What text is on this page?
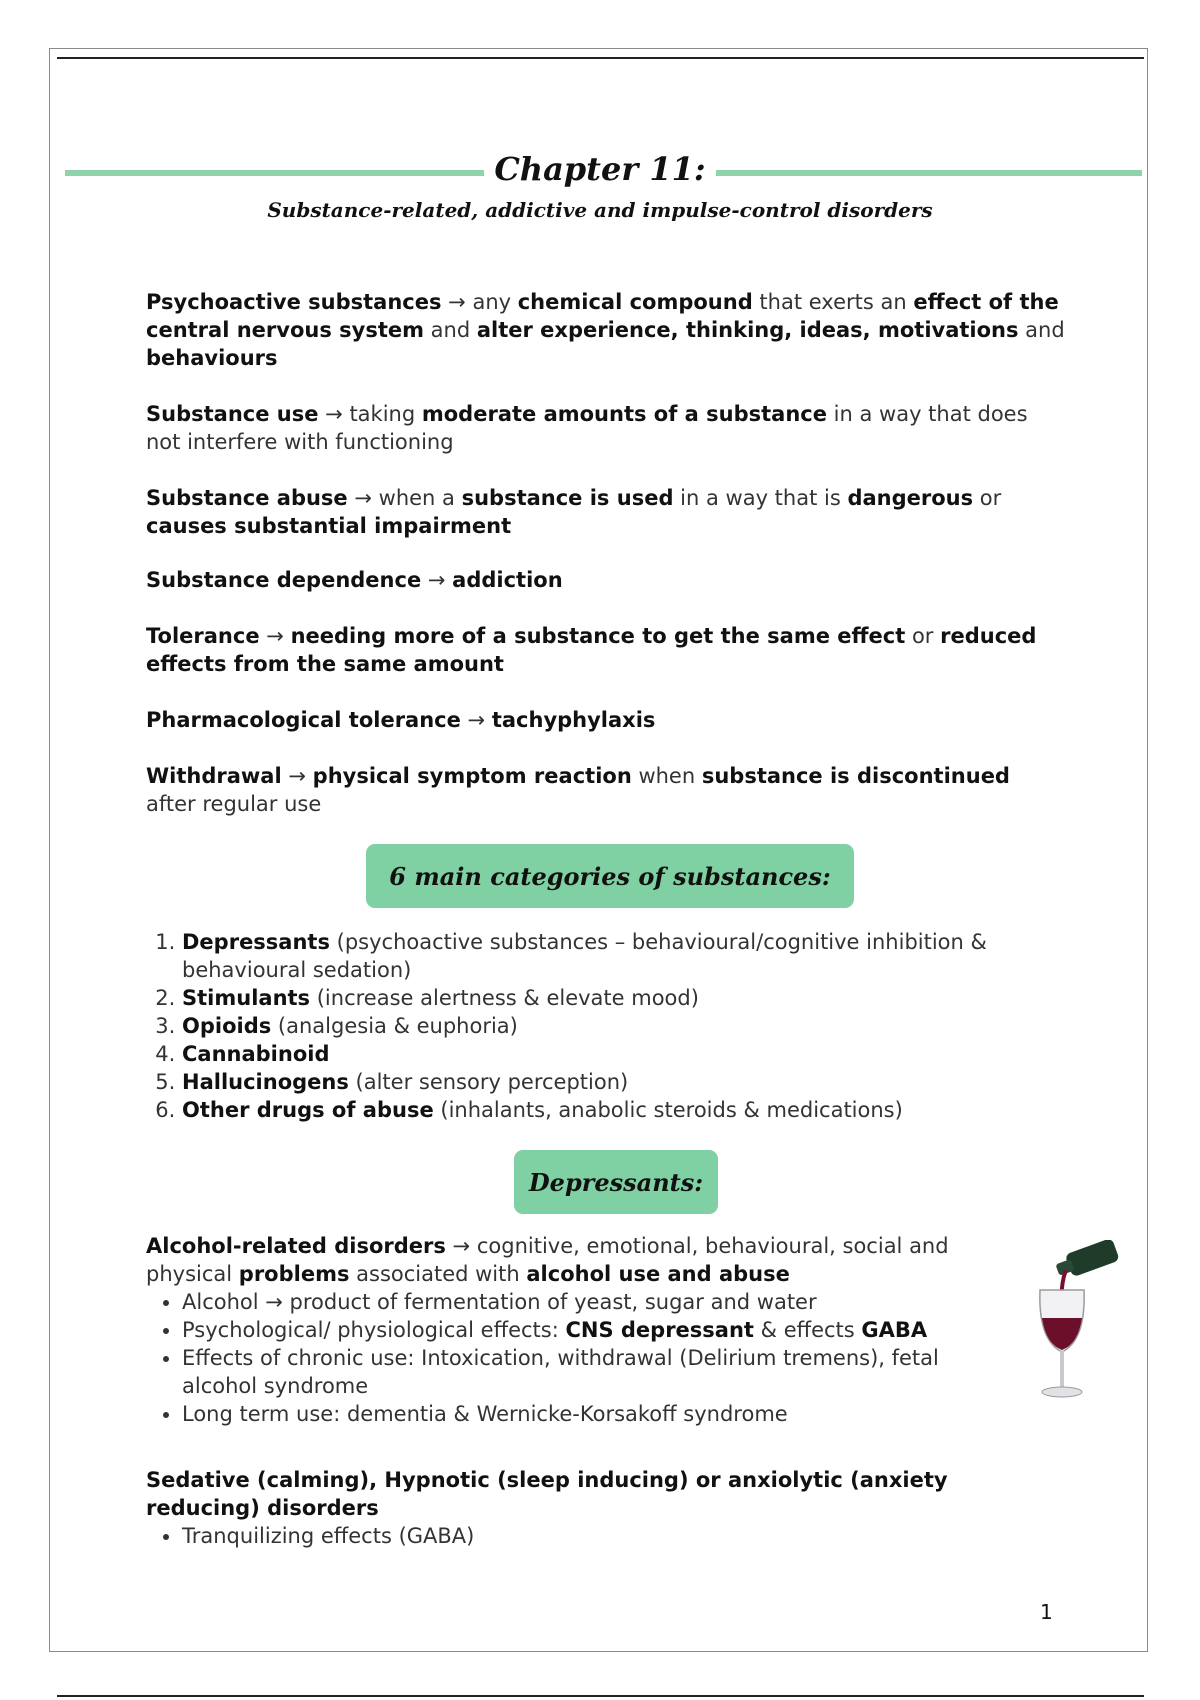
Chapter 11:
Substance-related, addictive and impulse-control disorders

Psychoactive substances → any chemical compound that exerts an effect of the central nervous system and alter experience, thinking, ideas, motivations and behaviours

Substance use → taking moderate amounts of a substance in a way that does not interfere with functioning

Substance abuse → when a substance is used in a way that is dangerous or causes substantial impairment

Substance dependence → addiction

Tolerance → needing more of a substance to get the same effect or reduced effects from the same amount

Pharmacological tolerance → tachyphylaxis

Withdrawal → physical symptom reaction when substance is discontinued after regular use

6 main categories of substances:
1. Depressants (psychoactive substances – behavioural/cognitive inhibition & behavioural sedation)
2. Stimulants (increase alertness & elevate mood)
3. Opioids (analgesia & euphoria)
4. Cannabinoid
5. Hallucinogens (alter sensory perception)
6. Other drugs of abuse (inhalants, anabolic steroids & medications)
Depressants:
Alcohol-related disorders → cognitive, emotional, behavioural, social and physical problems associated with alcohol use and abuse
• Alcohol → product of fermentation of yeast, sugar and water
• Psychological/ physiological effects: CNS depressant & effects GABA
• Effects of chronic use: Intoxication, withdrawal (Delirium tremens), fetal alcohol syndrome
• Long term use: dementia & Wernicke-Korsakoff syndrome
Sedative (calming), Hypnotic (sleep inducing) or anxiolytic (anxiety reducing) disorders
• Tranquilizing effects (GABA)
1
